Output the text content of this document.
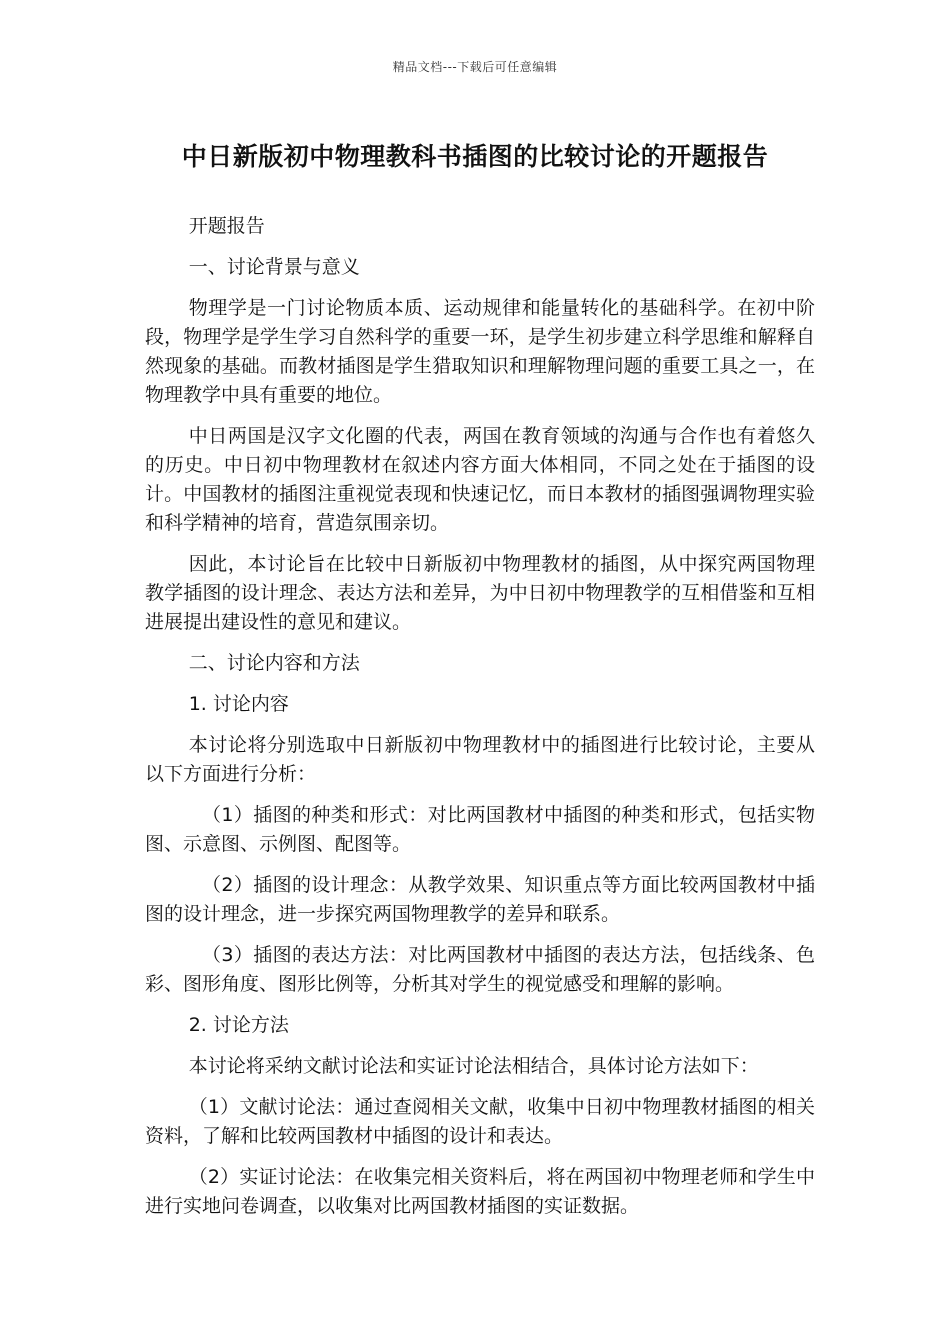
精品文档---下载后可任意编辑
中日新版初中物理教科书插图的比较讨论的开题报告

开题报告

一、讨论背景与意义

物理学是一门讨论物质本质、运动规律和能量转化的基础科学。在初中阶段，物理学是学生学习自然科学的重要一环，是学生初步建立科学思维和解释自然现象的基础。而教材插图是学生猎取知识和理解物理问题的重要工具之一，在物理教学中具有重要的地位。

中日两国是汉字文化圈的代表，两国在教育领域的沟通与合作也有着悠久的历史。中日初中物理教材在叙述内容方面大体相同，不同之处在于插图的设计。中国教材的插图注重视觉表现和快速记忆，而日本教材的插图强调物理实验和科学精神的培育，营造氛围亲切。

因此，本讨论旨在比较中日新版初中物理教材的插图，从中探究两国物理教学插图的设计理念、表达方法和差异，为中日初中物理教学的互相借鉴和互相进展提出建设性的意见和建议。

二、讨论内容和方法

1. 讨论内容

本讨论将分别选取中日新版初中物理教材中的插图进行比较讨论，主要从以下方面进行分析：

（1）插图的种类和形式：对比两国教材中插图的种类和形式，包括实物图、示意图、示例图、配图等。

（2）插图的设计理念：从教学效果、知识重点等方面比较两国教材中插图的设计理念，进一步探究两国物理教学的差异和联系。

（3）插图的表达方法：对比两国教材中插图的表达方法，包括线条、色彩、图形角度、图形比例等，分析其对学生的视觉感受和理解的影响。

2. 讨论方法

本讨论将采纳文献讨论法和实证讨论法相结合，具体讨论方法如下：

（1）文献讨论法：通过查阅相关文献，收集中日初中物理教材插图的相关资料，了解和比较两国教材中插图的设计和表达。

（2）实证讨论法：在收集完相关资料后，将在两国初中物理老师和学生中进行实地问卷调查，以收集对比两国教材插图的实证数据。
